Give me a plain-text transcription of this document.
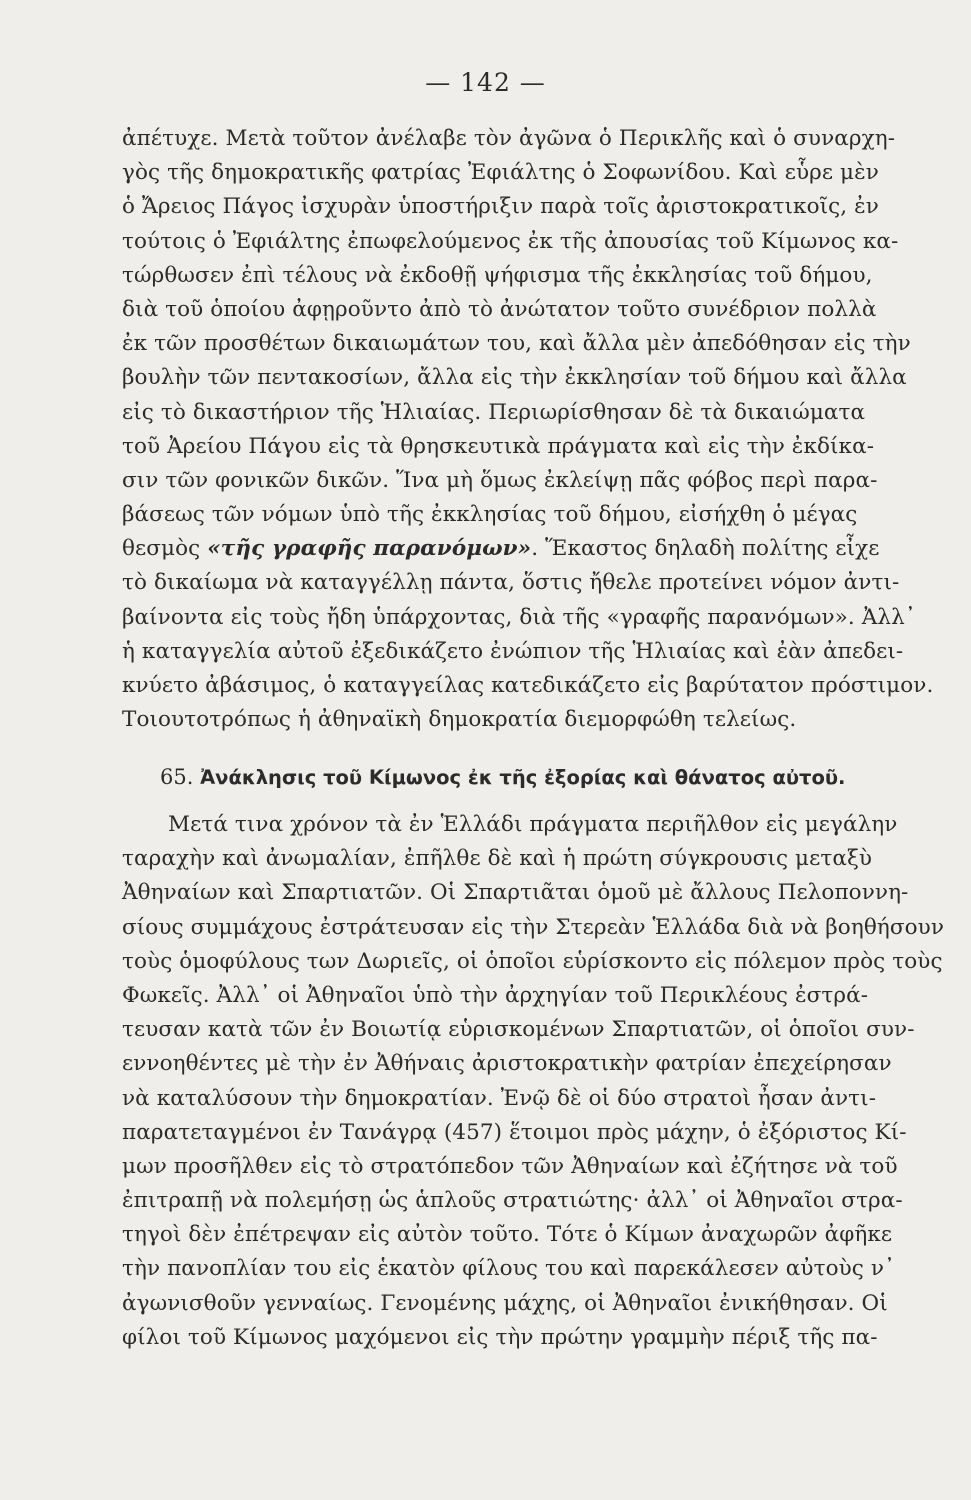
— 142 —
ἀπέτυχε. Μετὰ τοῦτον ἀνέλαβε τὸν ἀγῶνα ὁ Περικλῆς καὶ ὁ συναρχη-
γὸς τῆς δημοκρατικῆς φατρίας Ἐφιάλτης ὁ Σοφωνίδου. Καὶ εὗρε μὲν
ὁ Ἄρειος Πάγος ἰσχυρὰν ὑποστήριξιν παρὰ τοῖς ἀριστοκρατικοῖς, ἐν
τούτοις ὁ Ἐφιάλτης ἐπωφελούμενος ἐκ τῆς ἀπουσίας τοῦ Κίμωνος κα-
τώρθωσεν ἐπὶ τέλους νὰ ἐκδοθῇ ψήφισμα τῆς ἐκκλησίας τοῦ δήμου,
διὰ τοῦ ὁποίου ἀφῃροῦντο ἀπὸ τὸ ἀνώτατον τοῦτο συνέδριον πολλὰ
ἐκ τῶν προσθέτων δικαιωμάτων του, καὶ ἄλλα μὲν ἀπεδόθησαν εἰς τὴν
βουλὴν τῶν πεντακοσίων, ἄλλα εἰς τὴν ἐκκλησίαν τοῦ δήμου καὶ ἄλλα
εἰς τὸ δικαστήριον τῆς Ἡλιαίας. Περιωρίσθησαν δὲ τὰ δικαιώματα
τοῦ Ἀρείου Πάγου εἰς τὰ θρησκευτικὰ πράγματα καὶ εἰς τὴν ἐκδίκα-
σιν τῶν φονικῶν δικῶν. Ἵνα μὴ ὅμως ἐκλείψῃ πᾶς φόβος περὶ παρα-
βάσεως τῶν νόμων ὑπὸ τῆς ἐκκλησίας τοῦ δήμου, εἰσήχθη ὁ μέγας
θεσμὸς «τῆς γραφῆς παρανόμων». Ἕκαστος δηλαδὴ πολίτης εἶχε
τὸ δικαίωμα νὰ καταγγέλλῃ πάντα, ὅστις ἤθελε προτείνει νόμον ἀντι-
βαίνοντα εἰς τοὺς ἤδη ὑπάρχοντας, διὰ τῆς «γραφῆς παρανόμων». Ἀλλ᾽
ἡ καταγγελία αὐτοῦ ἐξεδικάζετο ἐνώπιον τῆς Ἡλιαίας καὶ ἐὰν ἀπεδει-
κνύετο ἀβάσιμος, ὁ καταγγείλας κατεδικάζετο εἰς βαρύτατον πρόστιμον.
Τοιουτοτρόπως ἡ ἀθηναϊκὴ δημοκρατία διεμορφώθη τελείως.
65. Ἀνάκλησις τοῦ Κίμωνος ἐκ τῆς ἐξορίας καὶ θάνατος αὐτοῦ.
Μετά τινα χρόνον τὰ ἐν Ἑλλάδι πράγματα περιῆλθον εἰς μεγάλην
ταραχὴν καὶ ἀνωμαλίαν, ἐπῆλθε δὲ καὶ ἡ πρώτη σύγκρουσις μεταξὺ
Ἀθηναίων καὶ Σπαρτιατῶν. Οἱ Σπαρτιᾶται ὁμοῦ μὲ ἄλλους Πελοποννη-
σίους συμμάχους ἐστράτευσαν εἰς τὴν Στερεὰν Ἑλλάδα διὰ νὰ βοηθήσουν
τοὺς ὁμοφύλους των Δωριεῖς, οἱ ὁποῖοι εὑρίσκοντο εἰς πόλεμον πρὸς τοὺς
Φωκεῖς. Ἀλλ᾽ οἱ Ἀθηναῖοι ὑπὸ τὴν ἀρχηγίαν τοῦ Περικλέους ἐστρά-
τευσαν κατὰ τῶν ἐν Βοιωτίᾳ εὑρισκομένων Σπαρτιατῶν, οἱ ὁποῖοι συν-
εννοηθέντες μὲ τὴν ἐν Ἀθήναις ἀριστοκρατικὴν φατρίαν ἐπεχείρησαν
νὰ καταλύσουν τὴν δημοκρατίαν. Ἐνῷ δὲ οἱ δύο στρατοὶ ἦσαν ἀντι-
παρατεταγμένοι ἐν Τανάγρᾳ (457) ἕτοιμοι πρὸς μάχην, ὁ ἐξόριστος Κί-
μων προσῆλθεν εἰς τὸ στρατόπεδον τῶν Ἀθηναίων καὶ ἐζήτησε νὰ τοῦ
ἐπιτραπῇ νὰ πολεμήσῃ ὡς ἁπλοῦς στρατιώτης· ἀλλ᾽ οἱ Ἀθηναῖοι στρα-
τηγοὶ δὲν ἐπέτρεψαν εἰς αὐτὸν τοῦτο. Τότε ὁ Κίμων ἀναχωρῶν ἀφῆκε
τὴν πανοπλίαν του εἰς ἑκατὸν φίλους του καὶ παρεκάλεσεν αὐτοὺς ν᾽
ἀγωνισθοῦν γενναίως. Γενομένης μάχης, οἱ Ἀθηναῖοι ἐνικήθησαν. Οἱ
φίλοι τοῦ Κίμωνος μαχόμενοι εἰς τὴν πρώτην γραμμὴν πέριξ τῆς πα-
